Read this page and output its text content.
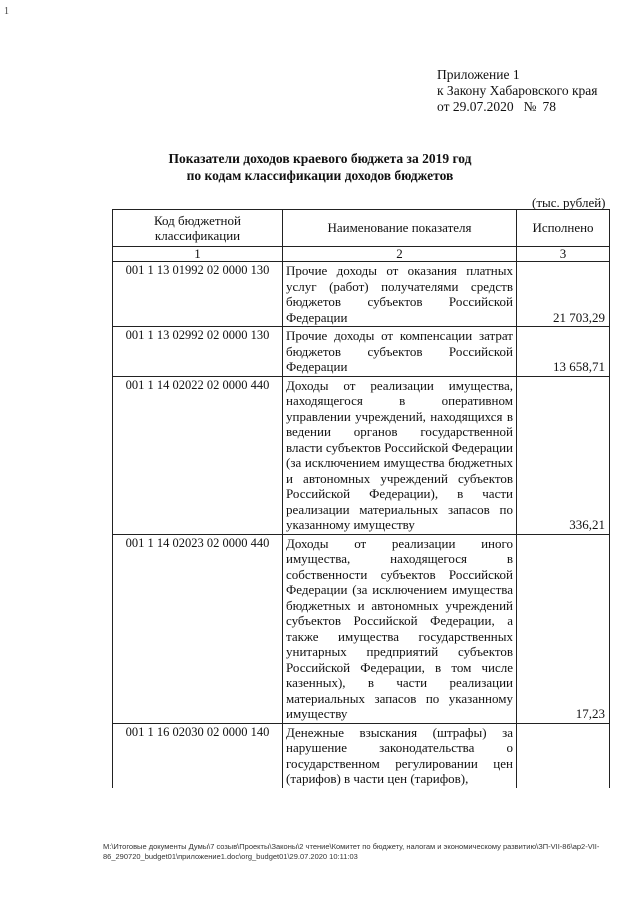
1
Приложение 1
к Закону Хабаровского края
от 29.07.2020 № 78
Показатели доходов краевого бюджета за 2019 год
по кодам классификации доходов бюджетов
(тыс. рублей)
Код бюджетной классификации	Наименование показателя	Исполнено
1	2	3
001 1 13 01992 02 0000 130	Прочие доходы от оказания платных услуг (работ) получателями средств бюджетов субъектов Российской Федерации	21 703,29
001 1 13 02992 02 0000 130	Прочие доходы от компенсации затрат бюджетов субъектов Российской Федерации	13 658,71
001 1 14 02022 02 0000 440	Доходы от реализации имущества, находящегося в оперативном управлении учреждений, находящихся в ведении органов государственной власти субъектов Российской Федерации (за исключением имущества бюджетных и автономных учреждений субъектов Российской Федерации), в части реализации материальных запасов по указанному имуществу	336,21
001 1 14 02023 02 0000 440	Доходы от реализации иного имущества, находящегося в собственности субъектов Российской Федерации (за исключением имущества бюджетных и автономных учреждений субъектов Российской Федерации, а также имущества государственных унитарных предприятий субъектов Российской Федерации, в том числе казенных), в части реализации материальных запасов по указанному имуществу	17,23
001 1 16 02030 02 0000 140	Денежные взыскания (штрафы) за нарушение законодательства о государственном регулировании цен (тарифов) в части цен (тарифов),	
M:\Итоговые документы Думы\7 созыв\Проекты\Законы\2 чтение\Комитет по бюджету, налогам и экономическому развитию\ЗП-VII-86\ap2-VII-
86_290720_budget01\приложение1.doc\org_budget01\29.07.2020 10:11:03
